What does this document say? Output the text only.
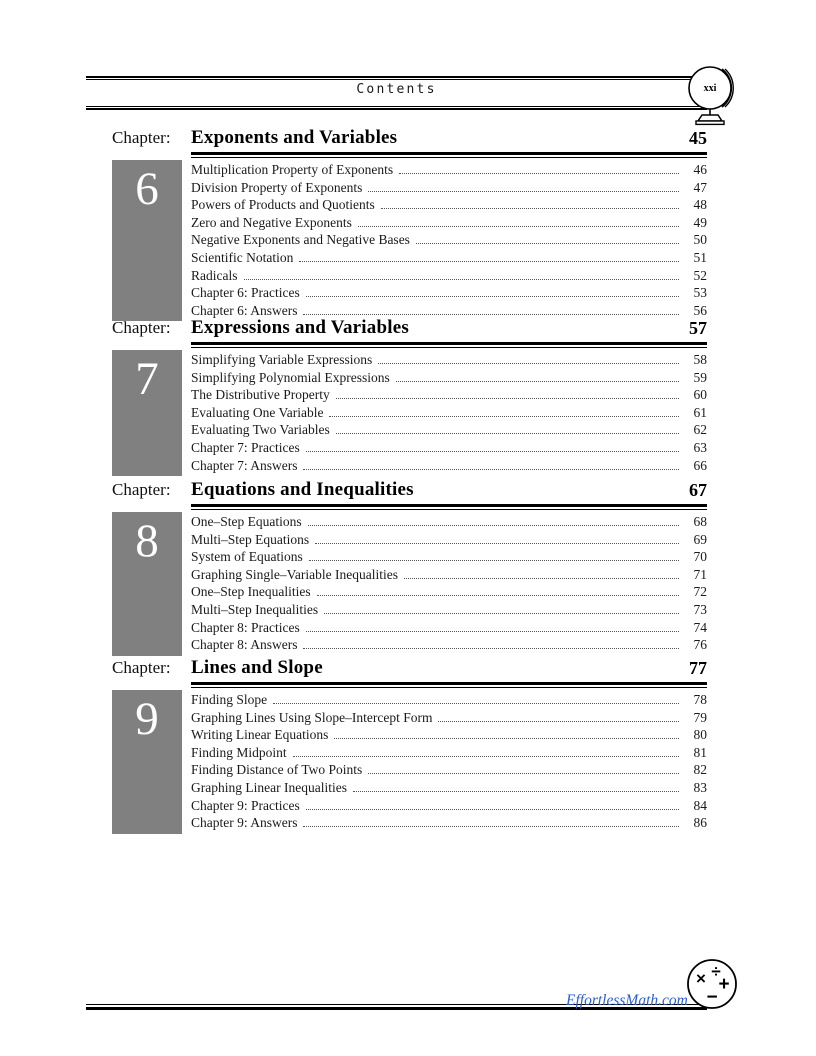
Contents	xxi
Chapter: Exponents and Variables	45
6	Multiplication Property of Exponents	46
Division Property of Exponents	47
Powers of Products and Quotients	48
Zero and Negative Exponents	49
Negative Exponents and Negative Bases	50
Scientific Notation	51
Radicals	52
Chapter 6: Practices	53
Chapter 6: Answers	56
Chapter: Expressions and Variables	57
7	Simplifying Variable Expressions	58
Simplifying Polynomial Expressions	59
The Distributive Property	60
Evaluating One Variable	61
Evaluating Two Variables	62
Chapter 7: Practices	63
Chapter 7: Answers	66
Chapter: Equations and Inequalities	67
8	One–Step Equations	68
Multi–Step Equations	69
System of Equations	70
Graphing Single–Variable Inequalities	71
One–Step Inequalities	72
Multi–Step Inequalities	73
Chapter 8: Practices	74
Chapter 8: Answers	76
Chapter: Lines and Slope	77
9	Finding Slope	78
Graphing Lines Using Slope–Intercept Form	79
Writing Linear Equations	80
Finding Midpoint	81
Finding Distance of Two Points	82
Graphing Linear Inequalities	83
Chapter 9: Practices	84
Chapter 9: Answers	86
EffortlessMath.com
× ÷
+
−
